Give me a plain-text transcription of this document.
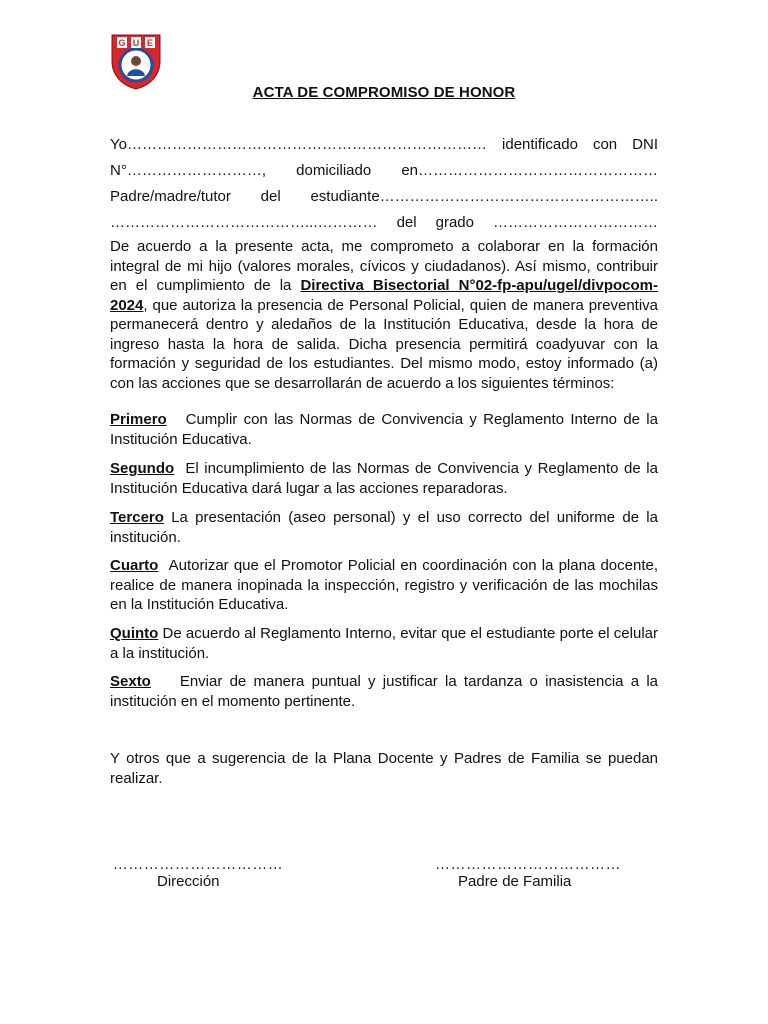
G U E
ACTA DE COMPROMISO DE HONOR
Yo……………………………………………………………… identificado con DNI
N°………………………, domiciliado en…………………………………………
Padre/madre/tutor del estudiante………………………………………………..
…………………………………...………… del grado ……………………………
De acuerdo a la presente acta, me comprometo a colaborar en la formación integral de mi hijo (valores morales, cívicos y ciudadanos). Así mismo, contribuir en el cumplimiento de la Directiva Bisectorial N°02-fp-apu/ugel/divpocom-2024, que autoriza la presencia de Personal Policial, quien de manera preventiva permanecerá dentro y aledaños de la Institución Educativa, desde la hora de ingreso hasta la hora de salida. Dicha presencia permitirá coadyuvar con la formación y seguridad de los estudiantes. Del mismo modo, estoy informado (a) con las acciones que se desarrollarán de acuerdo a los siguientes términos:

Primero Cumplir con las Normas de Convivencia y Reglamento Interno de la Institución Educativa.

Segundo El incumplimiento de las Normas de Convivencia y Reglamento de la Institución Educativa dará lugar a las acciones reparadoras.

Tercero La presentación (aseo personal) y el uso correcto del uniforme de la institución.

Cuarto Autorizar que el Promotor Policial en coordinación con la plana docente, realice de manera inopinada la inspección, registro y verificación de las mochilas en la Institución Educativa.

Quinto De acuerdo al Reglamento Interno, evitar que el estudiante porte el celular a la institución.

Sexto Enviar de manera puntual y justificar la tardanza o inasistencia a la institución en el momento pertinente.

Y otros que a sugerencia de la Plana Docente y Padres de Familia se puedan realizar.
……………………………
Dirección
………………………………
Padre de Familia
